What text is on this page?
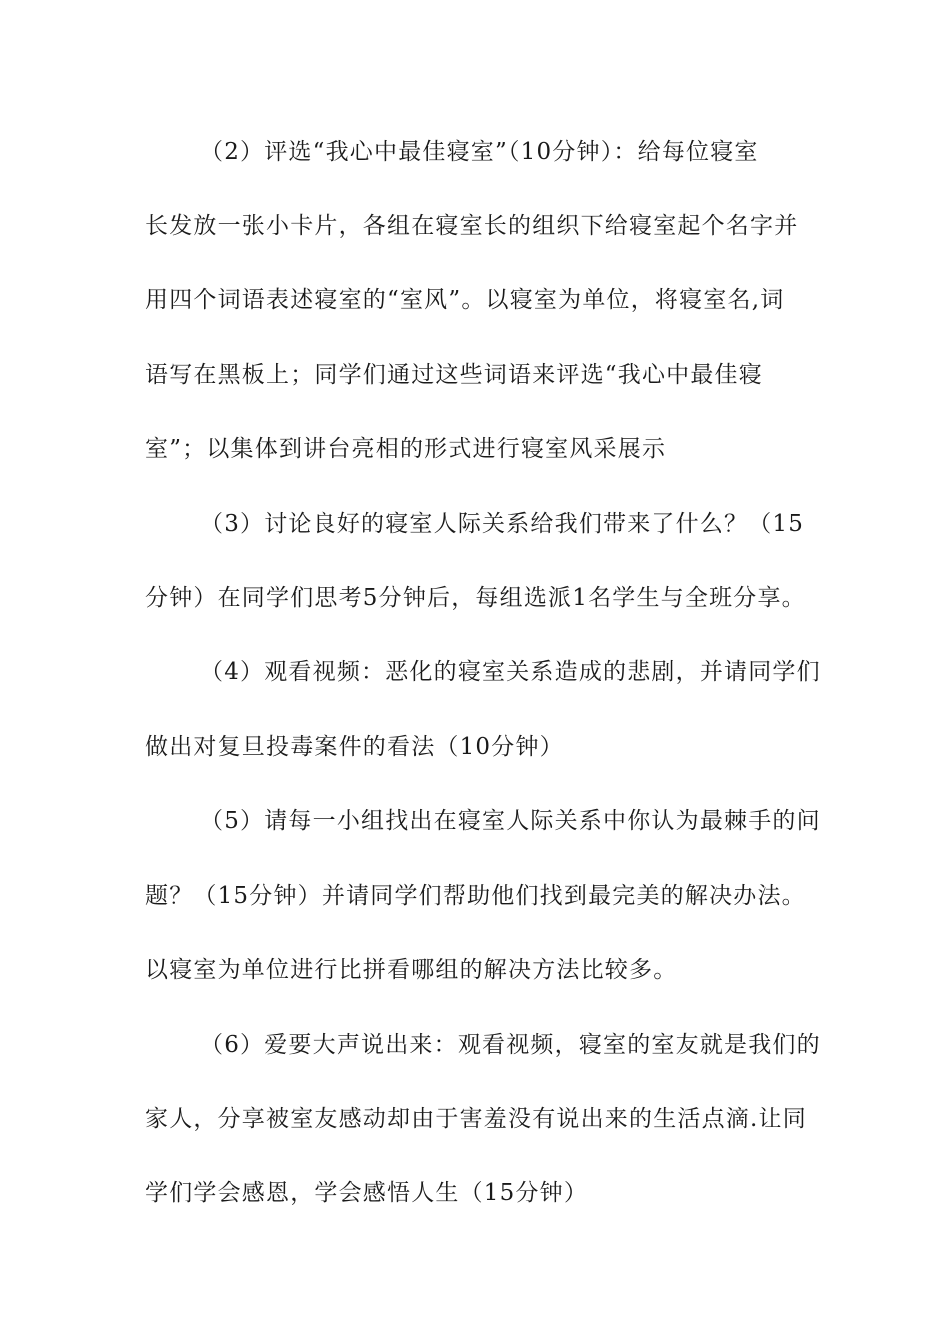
（2）评选“我心中最佳寝室”（10分钟）：给每位寝室
长发放一张小卡片，各组在寝室长的组织下给寝室起个名字并
用四个词语表述寝室的“室风”。以寝室为单位，将寝室名,词
语写在黑板上；同学们通过这些词语来评选“我心中最佳寝
室”；以集体到讲台亮相的形式进行寝室风采展示
（3）讨论良好的寝室人际关系给我们带来了什么？（15
分钟）在同学们思考5分钟后，每组选派1名学生与全班分享。
（4）观看视频：恶化的寝室关系造成的悲剧，并请同学们
做出对复旦投毒案件的看法（10分钟）
（5）请每一小组找出在寝室人际关系中你认为最棘手的问
题？（15分钟）并请同学们帮助他们找到最完美的解决办法。
以寝室为单位进行比拼看哪组的解决方法比较多。
（6）爱要大声说出来：观看视频，寝室的室友就是我们的
家人，分享被室友感动却由于害羞没有说出来的生活点滴.让同
学们学会感恩，学会感悟人生（15分钟）
